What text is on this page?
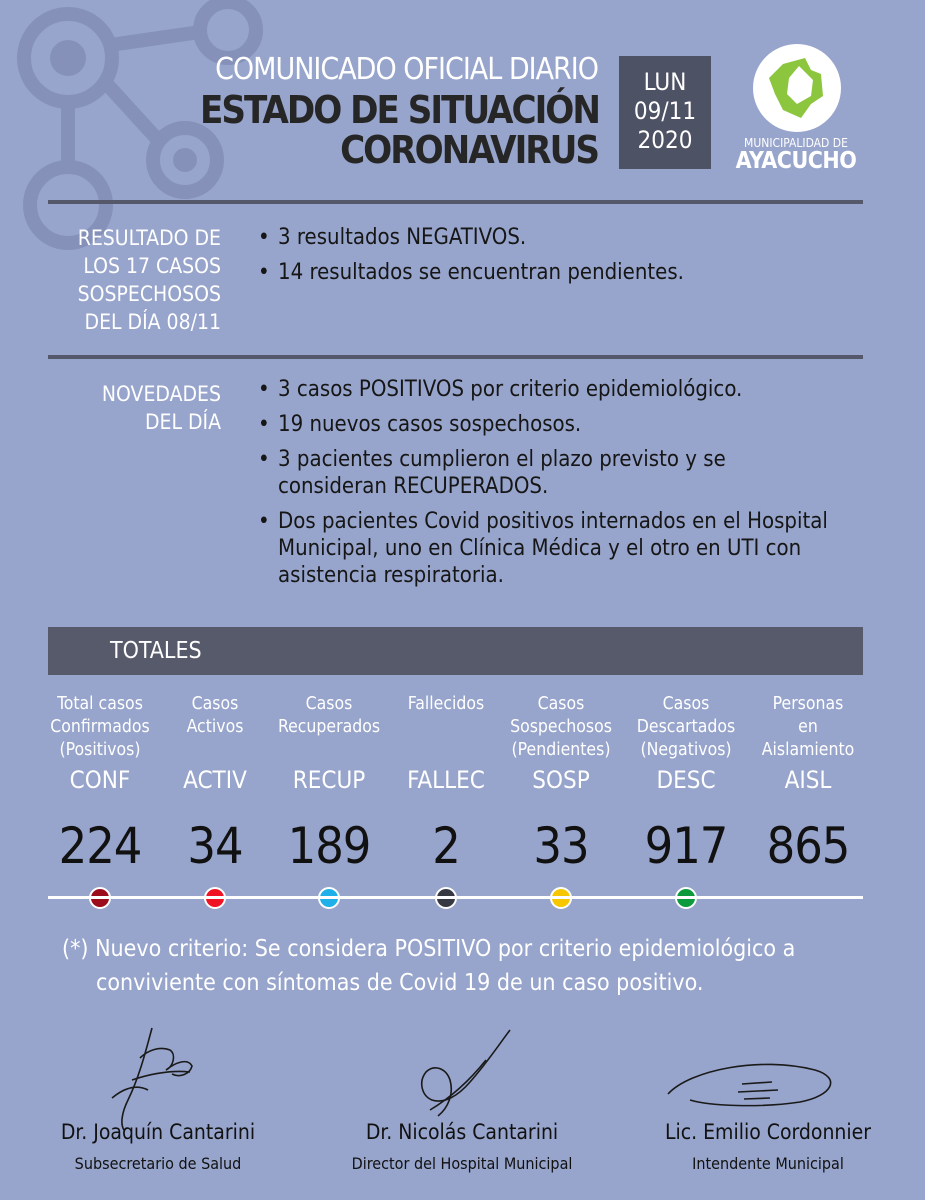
COMUNICADO OFICIAL DIARIO
ESTADO DE SITUACIÓN
CORONAVIRUS
LUN
09/11
2020	MUNICIPALIDAD DE
AYACUCHO
RESULTADO DE
LOS 17 CASOS
SOSPECHOSOS
DEL DÍA 08/11
• 3 resultados NEGATIVOS.
• 14 resultados se encuentran pendientes.
NOVEDADES
DEL DÍA
• 3 casos POSITIVOS por criterio epidemiológico.
• 19 nuevos casos sospechosos.
• 3 pacientes cumplieron el plazo previsto y se consideran RECUPERADOS.
• Dos pacientes Covid positivos internados en el Hospital Municipal, uno en Clínica Médica y el otro en UTI con asistencia respiratoria.
TOTALES
Total casos
Confirmados
(Positivos)
CONF
224
Casos
Activos
ACTIV
34
Casos
Recuperados
RECUP
189
Fallecidos
FALLEC
2
Casos
Sospechosos
(Pendientes)
SOSP
33
Casos
Descartados
(Negativos)
DESC
917
Personas
en
Aislamiento
AISL
865
(*) Nuevo criterio: Se considera POSITIVO por criterio epidemiológico a
conviviente con síntomas de Covid 19 de un caso positivo.
Dr. Joaquín Cantarini
Subsecretario de Salud
Dr. Nicolás Cantarini
Director del Hospital Municipal
Lic. Emilio Cordonnier
Intendente Municipal
